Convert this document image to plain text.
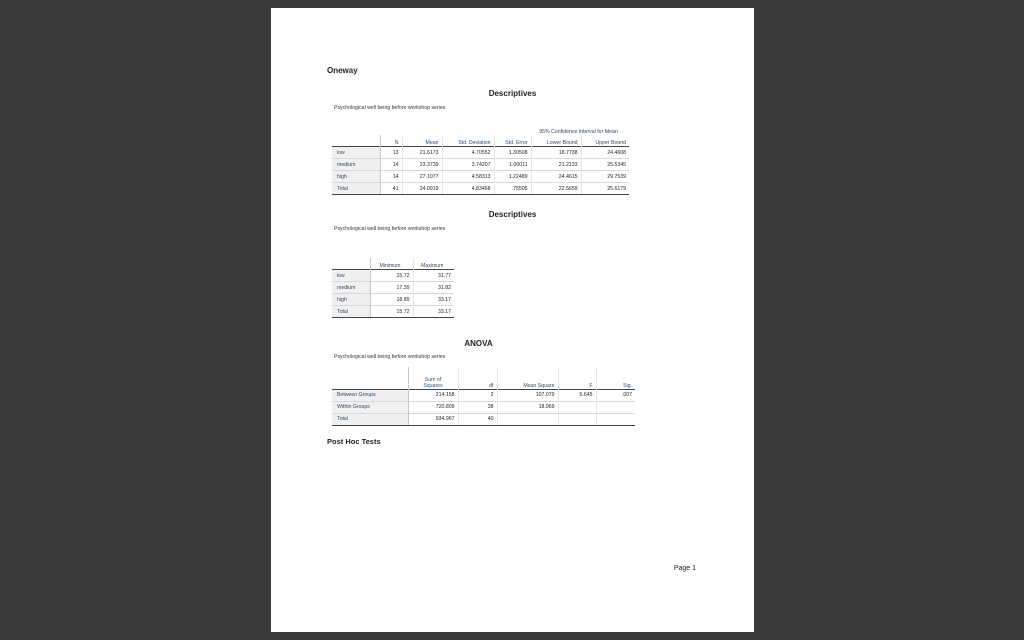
Oneway
Descriptives
Psychological well being before workshop series
					95% Confidence Interval for Mean	
	N	Mean	Std. Deviation	Std. Error	Lower Bound	Upper Bound
low	13	21.6173	4.70552	1.30508	18.7738	24.4608
medium	14	23.3739	3.74207	1.00011	21.2133	25.5345
high	14	27.1077	4.58313	1.22489	24.4615	29.7539
Total	41	24.0919	4.83468	.75505	22.5659	25.6179
Descriptives
Psychological well being before workshop series
	Minimum	Maximum
low	15.72	31.77
medium	17.39	31.82
high	18.89	33.17
Total	15.72	33.17
ANOVA
Psychological well being before workshop series
	Sum of Squares	df	Mean Square	F	Sig.
Between Groups	214.158	2	107.079	5.645	.007
Within Groups	720.809	38	18.969		
Total	934.967	40			
Post Hoc Tests
Page 1
